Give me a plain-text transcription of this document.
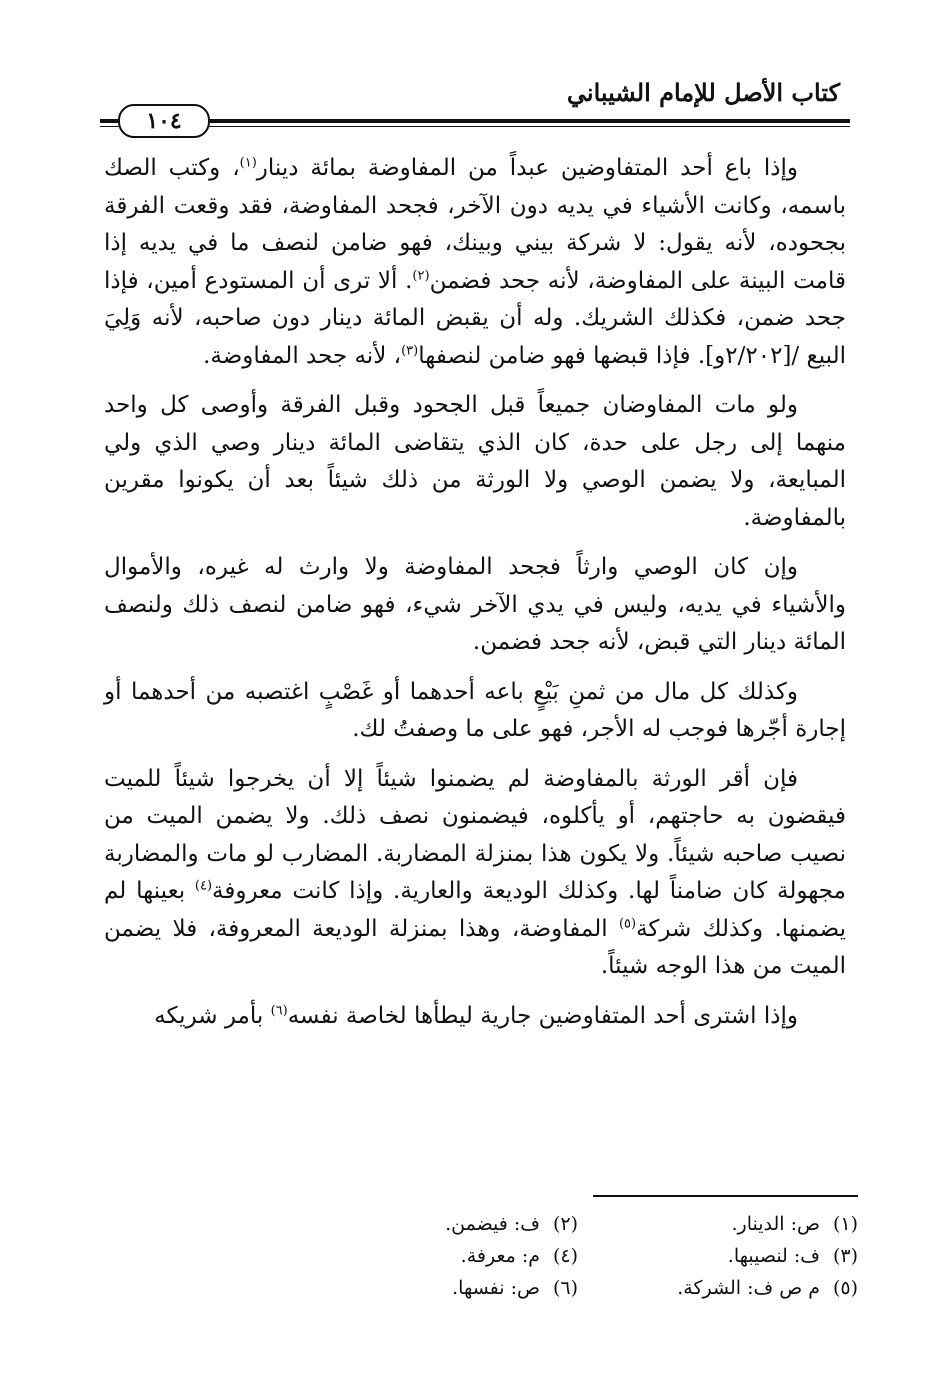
كتاب الأصل للإمام الشيباني
١٠٤

وإذا باع أحد المتفاوضين عبداً من المفاوضة بمائة دينار$^{(١)}$، وكتب الصك باسمه، وكانت الأشياء في يديه دون الآخر، فجحد المفاوضة، فقد وقعت الفرقة بجحوده، لأنه يقول: لا شركة بيني وبينك، فهو ضامن لنصف ما في يديه إذا قامت البينة على المفاوضة، لأنه جحد فضمن$^{(٢)}$. ألا ترى أن المستودع أمين، فإذا جحد ضمن، فكذلك الشريك. وله أن يقبض المائة دينار دون صاحبه، لأنه وَلِيَ البيع /[٢/٢٠٢و]. فإذا قبضها فهو ضامن لنصفها$^{(٣)}$، لأنه جحد المفاوضة.

ولو مات المفاوضان جميعاً قبل الجحود وقبل الفرقة وأوصى كل واحد منهما إلى رجل على حدة، كان الذي يتقاضى المائة دينار وصي الذي ولي المبايعة، ولا يضمن الوصي ولا الورثة من ذلك شيئاً بعد أن يكونوا مقرين بالمفاوضة.

وإن كان الوصي وارثاً فجحد المفاوضة ولا وارث له غيره، والأموال والأشياء في يديه، وليس في يدي الآخر شيء، فهو ضامن لنصف ذلك ولنصف المائة دينار التي قبض، لأنه جحد فضمن.

وكذلك كل مال من ثمنِ بَيْعٍ باعه أحدهما أو غَصْبٍ اغتصبه من أحدهما أو إجارة أجّرها فوجب له الأجر، فهو على ما وصفتُ لك.

فإن أقر الورثة بالمفاوضة لم يضمنوا شيئاً إلا أن يخرجوا شيئاً للميت فيقضون به حاجتهم، أو يأكلوه، فيضمنون نصف ذلك. ولا يضمن الميت من نصيب صاحبه شيئاً. ولا يكون هذا بمنزلة المضاربة. المضارب لو مات والمضاربة مجهولة كان ضامناً لها. وكذلك الوديعة والعارية. وإذا كانت معروفة$^{(٤)}$ بعينها لم يضمنها. وكذلك شركة$^{(٥)}$ المفاوضة، وهذا بمنزلة الوديعة المعروفة، فلا يضمن الميت من هذا الوجه شيئاً.

وإذا اشترى أحد المتفاوضين جارية ليطأها لخاصة نفسه$^{(٦)}$ بأمر شريكه

(١)ص: الدينار.
(٢)ف: فيضمن.
(٣)ف: لنصيبها.
(٤)م: معرفة.
(٥)م ص ف: الشركة.
(٦)ص: نفسها.
